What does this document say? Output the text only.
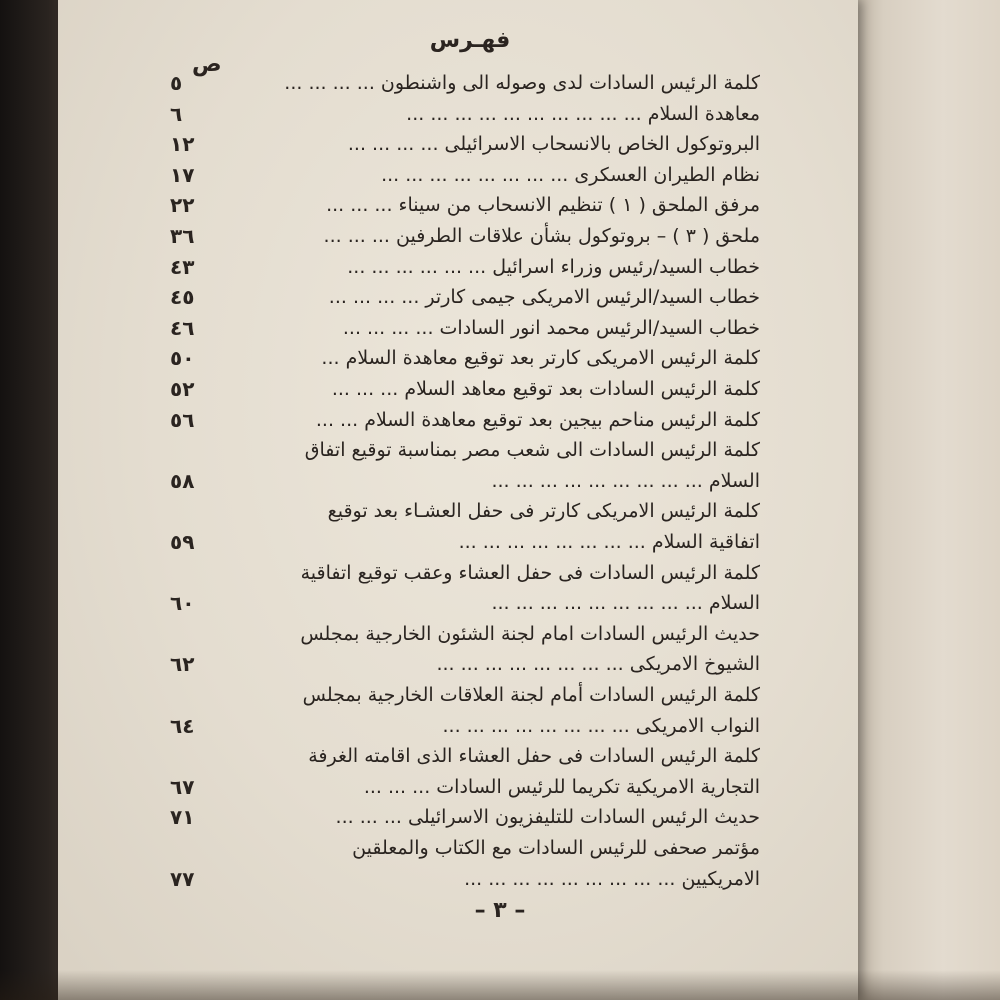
فهـرس
ص
كلمة الرئيس السادات لدى وصوله الى واشنطون ... ... ... ...
٥
معاهدة السلام ... ... ... ... ... ... ... ... ... ...
٦
البروتوكول الخاص بالانسحاب الاسرائيلى ... ... ... ...
١٢
نظام الطيران العسكرى ... ... ... ... ... ... ... ...
١٧
مرفق الملحق ( ١ ) تنظيم الانسحاب من سيناء ... ... ...
٢٢
ملحق ( ٣ ) – بروتوكول بشأن علاقات الطرفين ... ... ...
٣٦
خطاب السيد/رئيس وزراء اسرائيل ... ... ... ... ... ...
٤٣
خطاب السيد/الرئيس الامريكى جيمى كارتر ... ... ... ...
٤٥
خطاب السيد/الرئيس محمد انور السادات ... ... ... ...
٤٦
كلمة الرئيس الامريكى كارتر بعد توقيع معاهدة السلام ...
٥٠
كلمة الرئيس السادات بعد توقيع معاهد السلام ... ... ...
٥٢
كلمة الرئيس مناحم بيجين بعد توقيع معاهدة السلام ... ...
٥٦
كلمة الرئيس السادات الى شعب مصر بمناسبة توقيع اتفاق
السلام ... ... ... ... ... ... ... ... ...
٥٨
كلمة الرئيس الامريكى كارتر فى حفل العشـاء بعد توقيع
اتفاقية السلام ... ... ... ... ... ... ... ...
٥٩
كلمة الرئيس السادات فى حفل العشاء وعقب توقيع اتفاقية
السلام ... ... ... ... ... ... ... ... ...
٦٠
حديث الرئيس السادات امام لجنة الشئون الخارجية بمجلس
الشيوخ الامريكى ... ... ... ... ... ... ... ...
٦٢
كلمة الرئيس السادات أمام لجنة العلاقات الخارجية بمجلس
النواب الامريكى ... ... ... ... ... ... ... ...
٦٤
كلمة الرئيس السادات فى حفل العشاء الذى اقامته الغرفة
التجارية الامريكية تكريما للرئيس السادات ... ... ...
٦٧
حديث الرئيس السادات للتليفزيون الاسرائيلى ... ... ...
٧١
مؤتمر صحفى للرئيس السادات مع الكتاب والمعلقين
الامريكيين ... ... ... ... ... ... ... ... ...
٧٧
– ٣ –
